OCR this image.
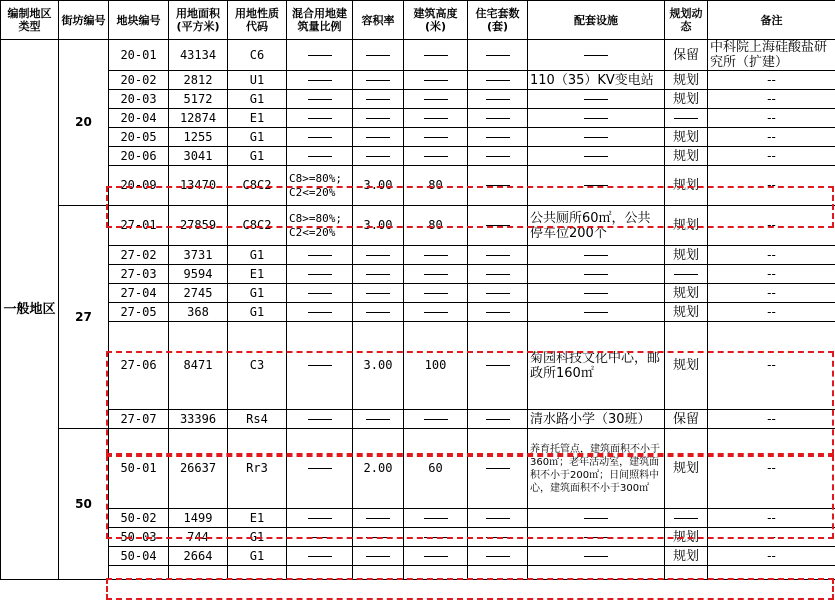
编制地区类型	街坊编号	地块编号	用地面积(平方米)	用地性质代码	混合用地建筑量比例	容积率	建筑高度(米)	住宅套数(套)	配套设施	规划动态	备注
一般地区	20	20-01	43134	C6						保留	中科院上海硅酸盐研究所（扩建）
		20-02	2812	U1					110（35）KV变电站	规划	--
		20-03	5172	G1						规划	--
		20-04	12874	E1							--
		20-05	1255	G1						规划	--
		20-06	3041	G1						规划	--
		20-09	13470	C8C2	C8>=80%;
C2<=20%	3.00	80			规划	--
	27	27-01	27859	C8C2	C8>=80%;
C2<=20%	3.00	80		公共厕所60㎡，公共停车位200个	规划	--
		27-02	3731	G1						规划	--
		27-03	9594	E1							--
		27-04	2745	G1						规划	--
		27-05	368	G1						规划	--
		27-06	8471	C3		3.00	100		菊园科技文化中心，邮政所160㎡	规划	--
		27-07	33396	Rs4					清水路小学（30班）	保留	--
	50	50-01	26637	Rr3		2.00	60		养育托管点，建筑面积不小于360㎡；老年活动室，建筑面积不小于200㎡；日间照料中心，建筑面积不小于300㎡	规划	--
		50-02	1499	E1							--
		50-03	744	G1						规划	--
		50-04	2664	G1						规划	--
